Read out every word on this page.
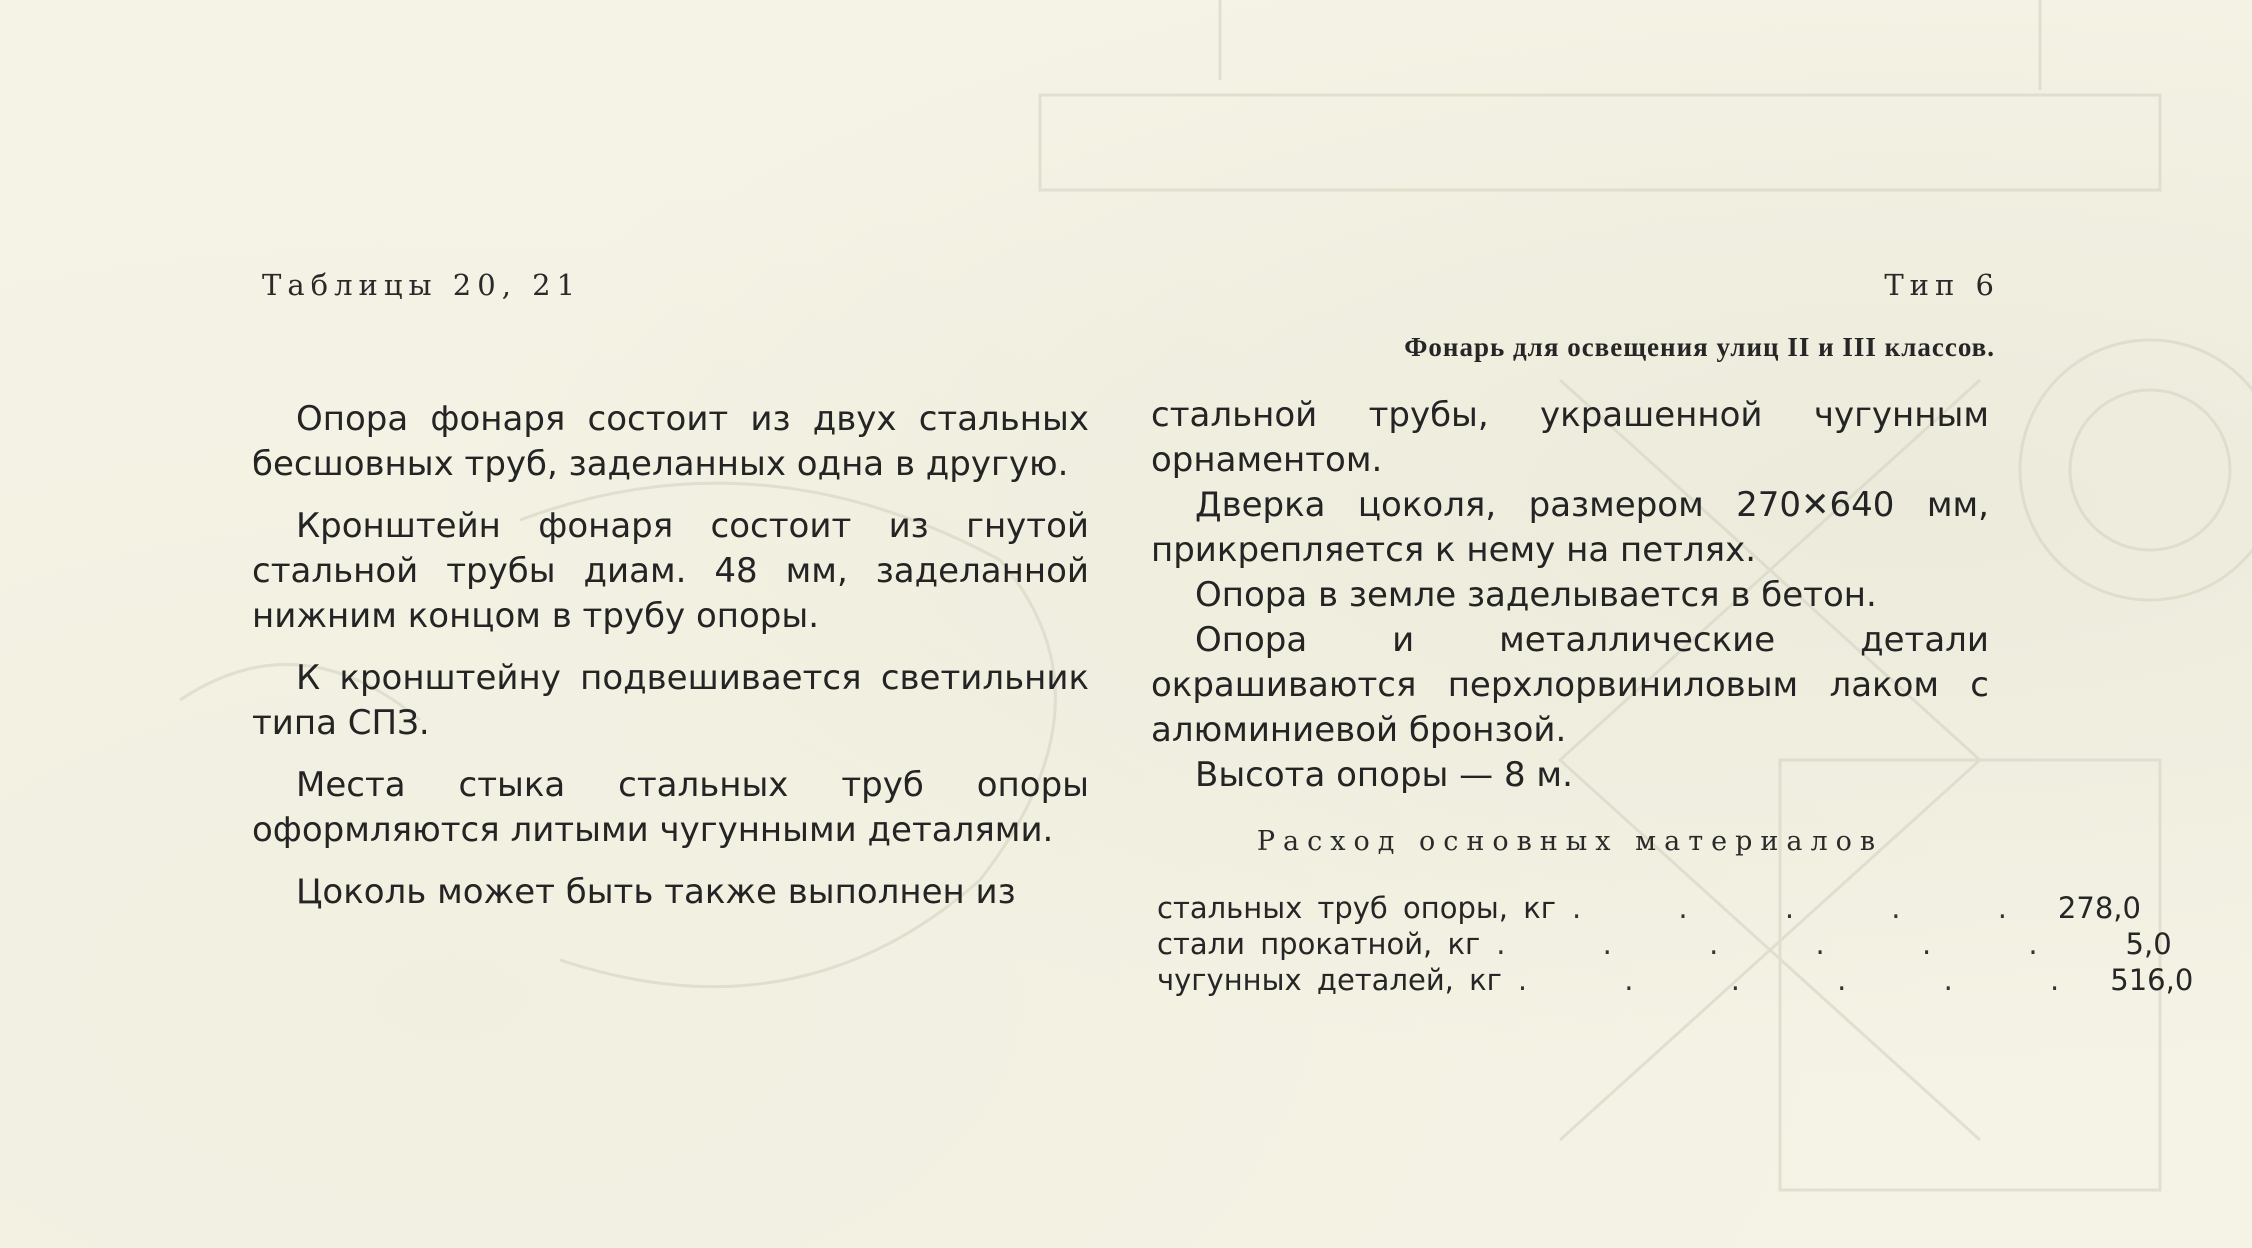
Таблицы 20, 21	Тип 6
Фонарь для освещения улиц II и III классов.

Опора фонаря состоит из двух стальных бесшовных труб, заделанных одна в другую.

Кронштейн фонаря состоит из гнутой стальной трубы диам. 48 мм, заделанной нижним концом в трубу опоры.

К кронштейну подвешивается светильник типа СПЗ.

Места стыка стальных труб опоры оформляются литыми чугунными деталями.

Цоколь может быть также выполнен из

стальной трубы, украшенной чугунным орнаментом.

Дверка цоколя, размером 270✕640 мм, прикрепляется к нему на петлях.

Опора в земле заделывается в бетон.

Опора и металлические детали окрашиваются перхлорвиниловым лаком с алюминиевой бронзой.

Высота опоры — 8 м.

Расход основных материалов
стальных труб опоры, кг . . . . . 278,0
стали прокатной, кг . . . . . .	5,0
чугунных деталей, кг . . . . . . 516,0
